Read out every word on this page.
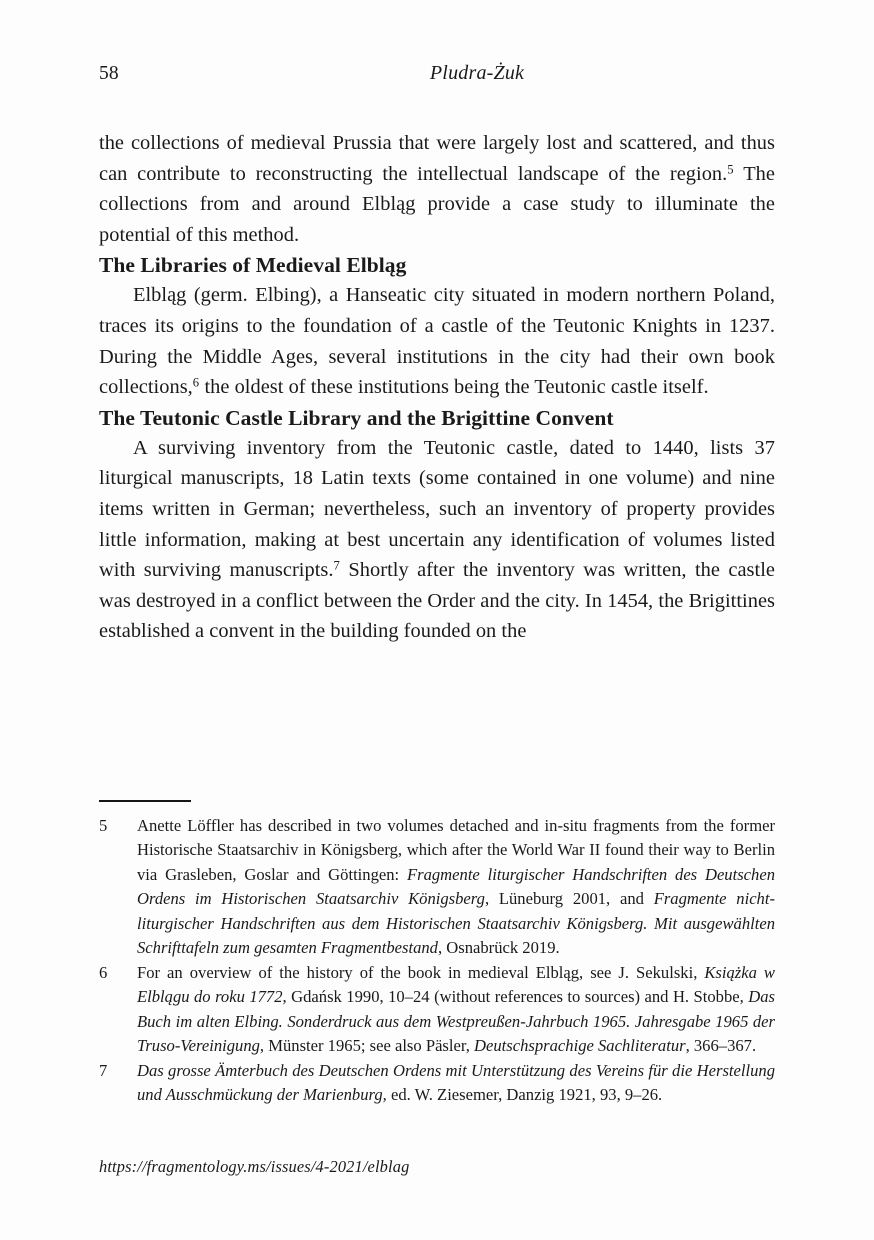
58	Pludra-Żuk

the collections of medieval Prussia that were largely lost and scattered, and thus can contribute to reconstructing the intellectual landscape of the region.$^5$ The collections from and around Elbląg provide a case study to illuminate the potential of this method.

The Libraries of Medieval Elbląg

Elbląg (germ. Elbing), a Hanseatic city situated in modern northern Poland, traces its origins to the foundation of a castle of the Teutonic Knights in 1237. During the Middle Ages, several institutions in the city had their own book collections,$^6$ the oldest of these institutions being the Teutonic castle itself.

The Teutonic Castle Library and the Brigittine Convent

A surviving inventory from the Teutonic castle, dated to 1440, lists 37 liturgical manuscripts, 18 Latin texts (some contained in one volume) and nine items written in German; nevertheless, such an inventory of property provides little information, making at best uncertain any identification of volumes listed with surviving manuscripts.$^7$ Shortly after the inventory was written, the castle was destroyed in a conflict between the Order and the city. In 1454, the Brigittines established a convent in the building founded on the

5	Anette Löffler has described in two volumes detached and in-situ fragments from the former Historische Staatsarchiv in Königsberg, which after the World War II found their way to Berlin via Grasleben, Goslar and Göttingen: Fragmente liturgischer Handschriften des Deutschen Ordens im Historischen Staatsarchiv Königsberg, Lüneburg 2001, and Fragmente nicht-liturgischer Handschriften aus dem Historischen Staatsarchiv Königsberg. Mit ausgewählten Schrifttafeln zum gesamten Fragmentbestand, Osnabrück 2019.
6	For an overview of the history of the book in medieval Elbląg, see J. Sekulski, Książka w Elblągu do roku 1772, Gdańsk 1990, 10–24 (without references to sources) and H. Stobbe, Das Buch im alten Elbing. Sonderdruck aus dem Westpreußen-Jahrbuch 1965. Jahresgabe 1965 der Truso-Vereinigung, Münster 1965; see also Päsler, Deutschsprachige Sachliteratur, 366–367.
7	Das grosse Ämterbuch des Deutschen Ordens mit Unterstützung des Vereins für die Herstellung und Ausschmückung der Marienburg, ed. W. Ziesemer, Danzig 1921, 93, 9–26.
https://fragmentology.ms/issues/4-2021/elblag
